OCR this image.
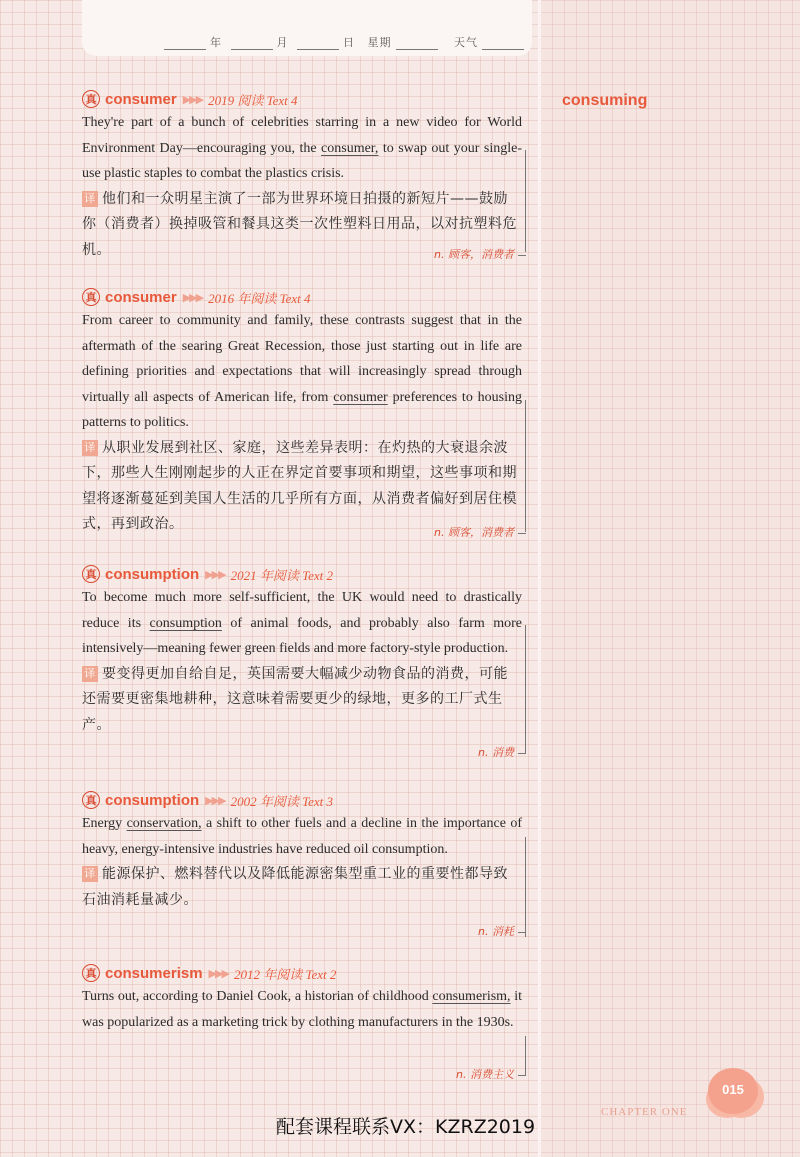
年	月	日 星期	天气
consuming
真 consumer ▶▶▶ 2019 阅读 Text 4
They're part of a bunch of celebrities starring in a new video for World Environment Day—encouraging you, the consumer, to swap out your single-use plastic staples to combat the plastics crisis.
译 他们和一众明星主演了一部为世界环境日拍摄的新短片——鼓励你（消费者）换掉吸管和餐具这类一次性塑料日用品，以对抗塑料危机。	n. 顾客，消费者
真 consumer ▶▶▶ 2016 年阅读 Text 4
From career to community and family, these contrasts suggest that in the aftermath of the searing Great Recession, those just starting out in life are defining priorities and expectations that will increasingly spread through virtually all aspects of American life, from consumer preferences to housing patterns to politics.
译 从职业发展到社区、家庭，这些差异表明：在灼热的大衰退余波下，那些人生刚刚起步的人正在界定首要事项和期望，这些事项和期望将逐渐蔓延到美国人生活的几乎所有方面，从消费者偏好到居住模式，再到政治。
n. 顾客，消费者
真 consumption ▶▶▶ 2021 年阅读 Text 2
To become much more self-sufficient, the UK would need to drastically reduce its consumption of animal foods, and probably also farm more intensively—meaning fewer green fields and more factory-style production.
译 要变得更加自给自足，英国需要大幅减少动物食品的消费，可能还需要更密集地耕种，这意味着需要更少的绿地，更多的工厂式生产。
n. 消费
真 consumption ▶▶▶ 2002 年阅读 Text 3
Energy conservation, a shift to other fuels and a decline in the importance of heavy, energy-intensive industries have reduced oil consumption.
译 能源保护、燃料替代以及降低能源密集型重工业的重要性都导致石油消耗量减少。
n. 消耗
真 consumerism ▶▶▶ 2012 年阅读 Text 2
Turns out, according to Daniel Cook, a historian of childhood consumerism, it was popularized as a marketing trick by clothing manufacturers in the 1930s.
n. 消费主义
015
CHAPTER ONE
配套课程联系VX：KZRZ2019
